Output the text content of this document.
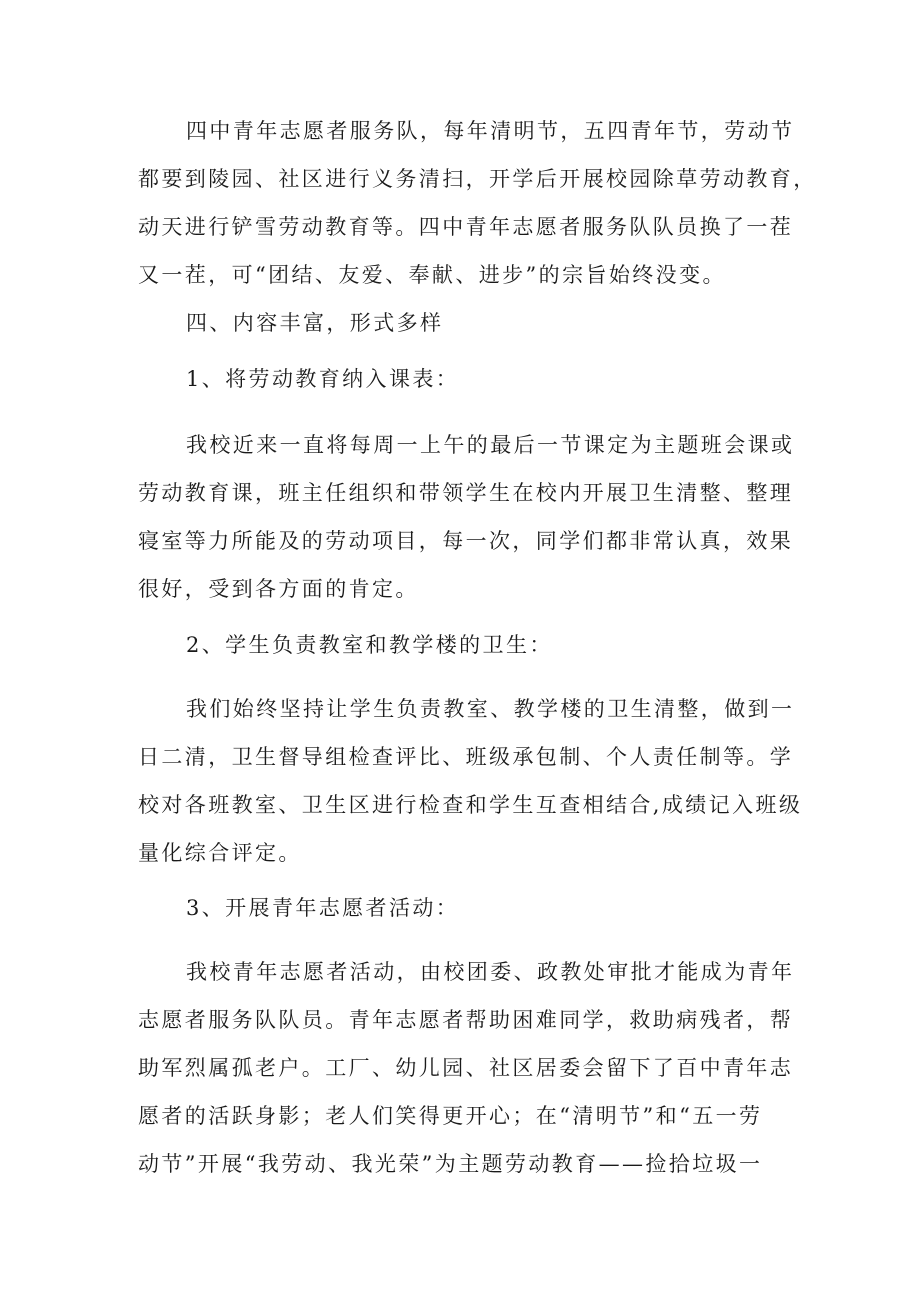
四中青年志愿者服务队，每年清明节，五四青年节，劳动节
都要到陵园、社区进行义务清扫，开学后开展校园除草劳动教育，
动天进行铲雪劳动教育等。四中青年志愿者服务队队员换了一茬
又一茬，可“团结、友爱、奉献、进步”的宗旨始终没变。
四、内容丰富，形式多样
1、将劳动教育纳入课表：
我校近来一直将每周一上午的最后一节课定为主题班会课或
劳动教育课，班主任组织和带领学生在校内开展卫生清整、整理
寝室等力所能及的劳动项目，每一次，同学们都非常认真，效果
很好，受到各方面的肯定。
2、学生负责教室和教学楼的卫生：
我们始终坚持让学生负责教室、教学楼的卫生清整，做到一
日二清，卫生督导组检查评比、班级承包制、个人责任制等。学
校对各班教室、卫生区进行检查和学生互查相结合,成绩记入班级
量化综合评定。
3、开展青年志愿者活动：
我校青年志愿者活动，由校团委、政教处审批才能成为青年
志愿者服务队队员。青年志愿者帮助困难同学，救助病残者，帮
助军烈属孤老户。工厂、幼儿园、社区居委会留下了百中青年志
愿者的活跃身影；老人们笑得更开心；在“清明节”和“五一劳
动节”开展“我劳动、我光荣”为主题劳动教育——捡拾垃圾一
